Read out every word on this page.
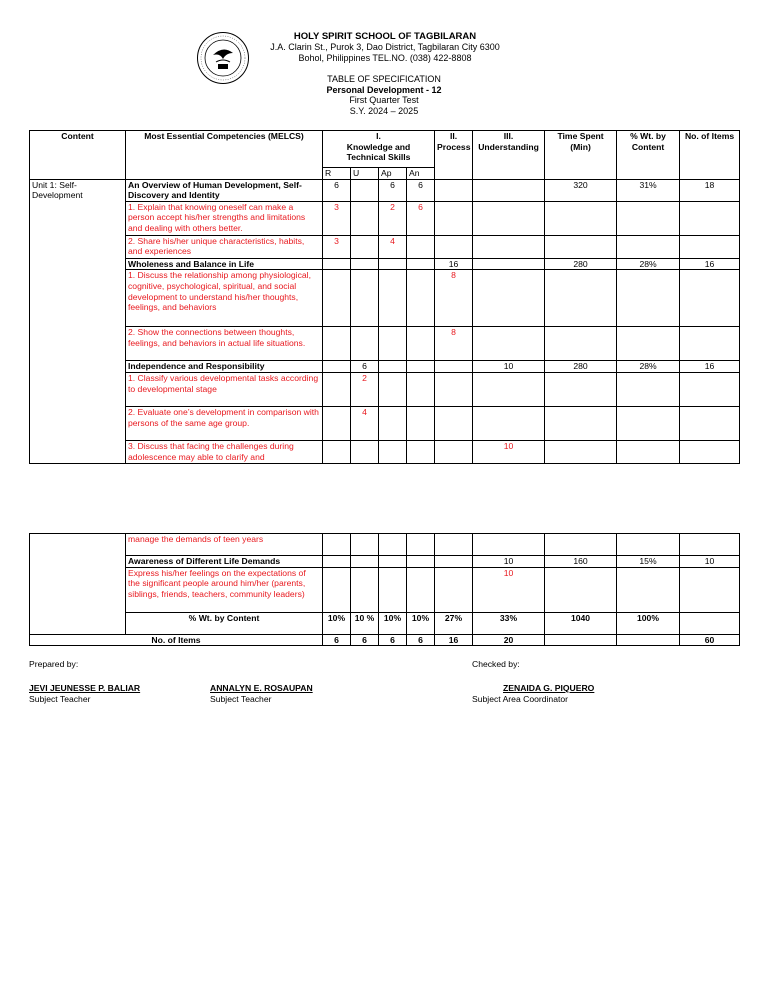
HOLY SPIRIT SCHOOL OF TAGBILARAN
J.A. Clarin St., Purok 3, Dao District, Tagbilaran City 6300
Bohol, Philippines TEL.NO. (038) 422-8808
TABLE OF SPECIFICATION
Personal Development - 12
First Quarter Test
S.Y. 2024 – 2025
Content	Most Essential Competencies (MELCS)	I.
Knowledge and
Technical Skills				II. Process	III. Understanding	Time Spent (Min)	% Wt. by Content	No. of Items
		R	U	Ap	An					
Unit 1: Self-Development	An Overview of Human Development, Self-Discovery and Identity	6		6	6			320	31%	18
	1. Explain that knowing oneself can make a person accept his/her strengths and limitations and dealing with others better.	3		2	6					
	2. Share his/her unique characteristics, habits, and experiences	3		4						
	Wholeness and Balance in Life					16		280	28%	16
	1. Discuss the relationship among physiological, cognitive, psychological, spiritual, and social development to understand his/her thoughts, feelings, and behaviors					8				
	2. Show the connections between thoughts, feelings, and behaviors in actual life situations.					8				
	Independence and Responsibility		6				10	280	28%	16
	1. Classify various developmental tasks according to developmental stage		2							
	2. Evaluate one’s development in comparison with persons of the same age group.		4							
	3. Discuss that facing the challenges during adolescence may able to clarify and						10			
	manage the demands of teen years									
	Awareness of Different Life Demands						10	160	15%	10
	Express his/her feelings on the expectations of the significant people around him/her (parents, siblings, friends, teachers, community leaders)						10			
	% Wt. by Content	10%	10 %	10%	10%	27%	33%	1040	100%	
No. of Items		6	6	6	6	16	20			60
Prepared by:	Checked by:
JEVI JEUNESSE P. BALIAR
Subject Teacher
ANNALYN E. ROSAUPAN
Subject Teacher
ZENAIDA G. PIQUERO
Subject Area Coordinator
